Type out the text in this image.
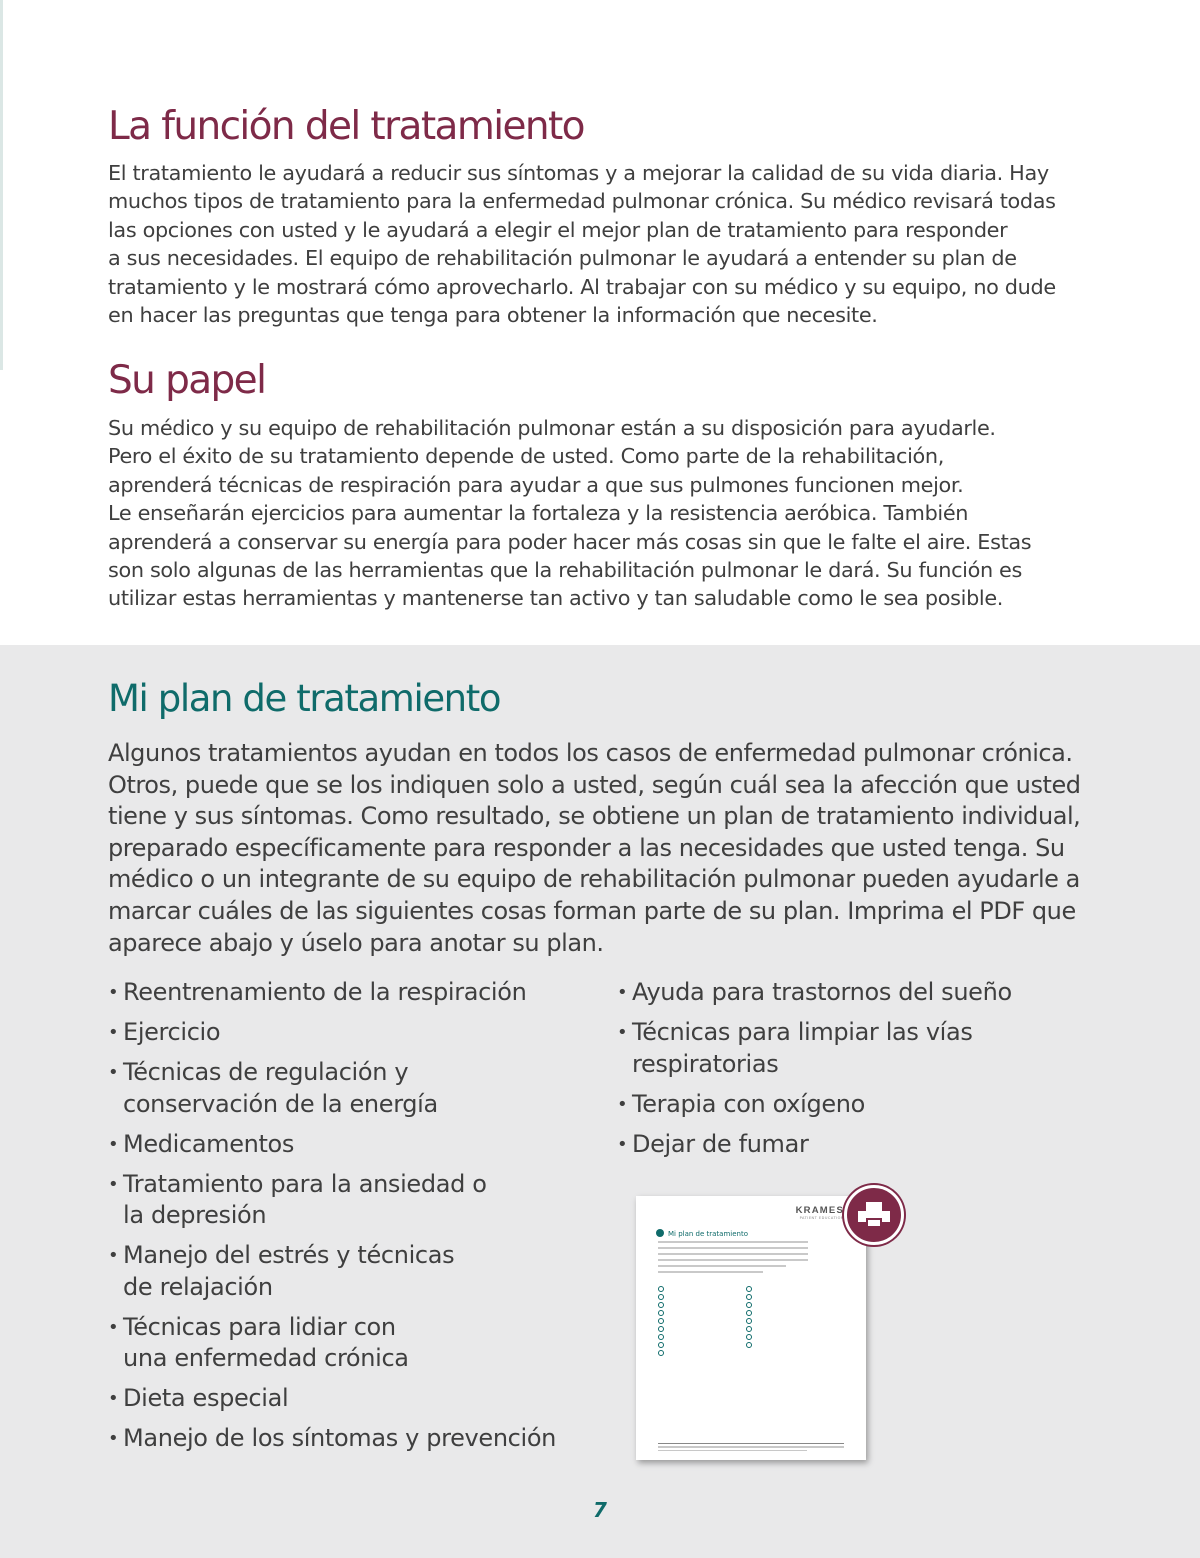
La función del tratamiento
El tratamiento le ayudará a reducir sus síntomas y a mejorar la calidad de su vida diaria. Hay
muchos tipos de tratamiento para la enfermedad pulmonar crónica. Su médico revisará todas
las opciones con usted y le ayudará a elegir el mejor plan de tratamiento para responder
a sus necesidades. El equipo de rehabilitación pulmonar le ayudará a entender su plan de
tratamiento y le mostrará cómo aprovecharlo. Al trabajar con su médico y su equipo, no dude
en hacer las preguntas que tenga para obtener la información que necesite.
Su papel
Su médico y su equipo de rehabilitación pulmonar están a su disposición para ayudarle.
Pero el éxito de su tratamiento depende de usted. Como parte de la rehabilitación,
aprenderá técnicas de respiración para ayudar a que sus pulmones funcionen mejor.
Le enseñarán ejercicios para aumentar la fortaleza y la resistencia aeróbica. También
aprenderá a conservar su energía para poder hacer más cosas sin que le falte el aire. Estas
son solo algunas de las herramientas que la rehabilitación pulmonar le dará. Su función es
utilizar estas herramientas y mantenerse tan activo y tan saludable como le sea posible.
Mi plan de tratamiento
Algunos tratamientos ayudan en todos los casos de enfermedad pulmonar crónica.
Otros, puede que se los indiquen solo a usted, según cuál sea la afección que usted
tiene y sus síntomas. Como resultado, se obtiene un plan de tratamiento individual,
preparado específicamente para responder a las necesidades que usted tenga. Su
médico o un integrante de su equipo de rehabilitación pulmonar pueden ayudarle a
marcar cuáles de las siguientes cosas forman parte de su plan. Imprima el PDF que
aparece abajo y úselo para anotar su plan.
• Reentrenamiento de la respiración
• Ejercicio
• Técnicas de regulación y
conservación de la energía
• Medicamentos
• Tratamiento para la ansiedad o
la depresión
• Manejo del estrés y técnicas
de relajación
• Técnicas para lidiar con
una enfermedad crónica
• Dieta especial
• Manejo de los síntomas y prevención
• Ayuda para trastornos del sueño
• Técnicas para limpiar las vías
respiratorias
• Terapia con oxígeno
• Dejar de fumar
KRAMES
PATIENT EDUCATION
Mi plan de tratamiento
7
